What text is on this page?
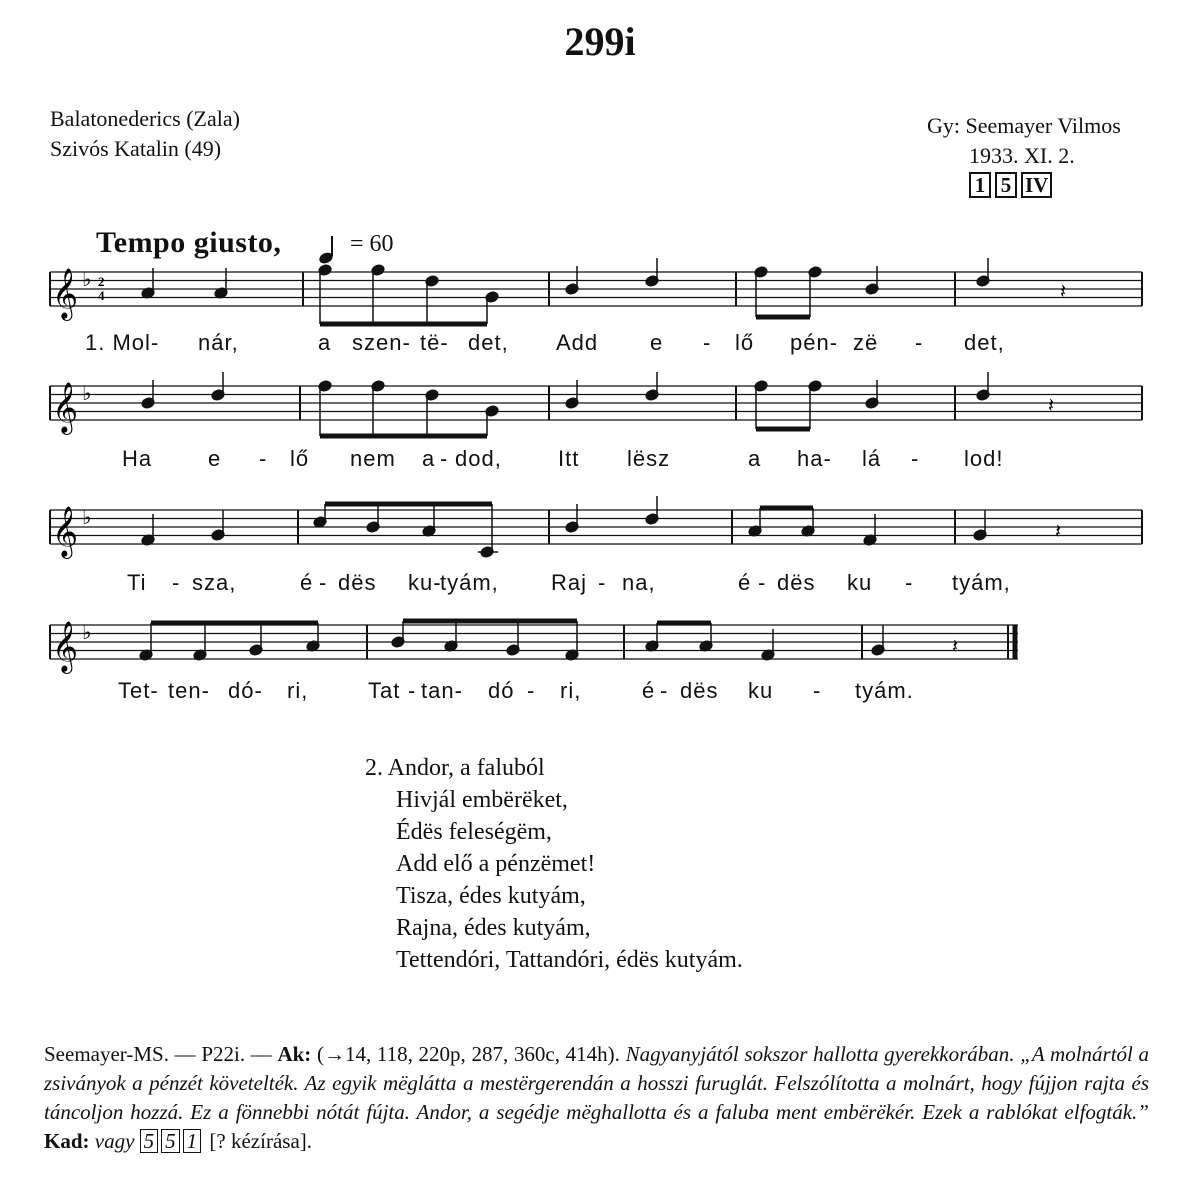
299i
Balatonederics (Zala)
Szivós Katalin (49)
Gy: Seemayer Vilmos
1933. XI. 2.
1 5 IV
Tempo giusto,	= 60
𝄞 ♭ 2
4	𝄽
1. Mol- nár,	a szen- të- det, Add e - lő pén- zë - det,
𝄞 ♭	𝄽
Ha	e - lő nem a - dod,	Itt lësz	a ha- lá - lod!
𝄞 ♭
𝄽
Ti - sza,	é - dës ku-
tyám, Raj - na,	é - dës ku - tyám,
𝄞 ♭
𝄽
Tet- ten- dó- ri,	Tat - tan- dó - ri,	é - dës ku - tyám.
2. Andor, a faluból
Hivjál embërëket,
Édës feleségëm,
Add elő a pénzëmet!
Tisza, édes kutyám,
Rajna, édes kutyám,
Tettendóri, Tattandóri, édës kutyám.
Seemayer-MS. — P22i. — Ak: (→14, 118, 220p, 287, 360c, 414h). Nagyanyjától sokszor hallotta gyerekkorában. „A molnártól a zsiványok a pénzét követelték. Az egyik mëglátta a mestërgerendán a hosszi furuglát. Felszólította a molnárt, hogy fújjon rajta és táncoljon hozzá. Ez a fönnebbi nótát fújta. Andor, a segédje mëghallotta és a faluba ment embërëkér. Ezek a rablókat elfogták.” Kad: vagy 5 5 1 [? kézírása].
